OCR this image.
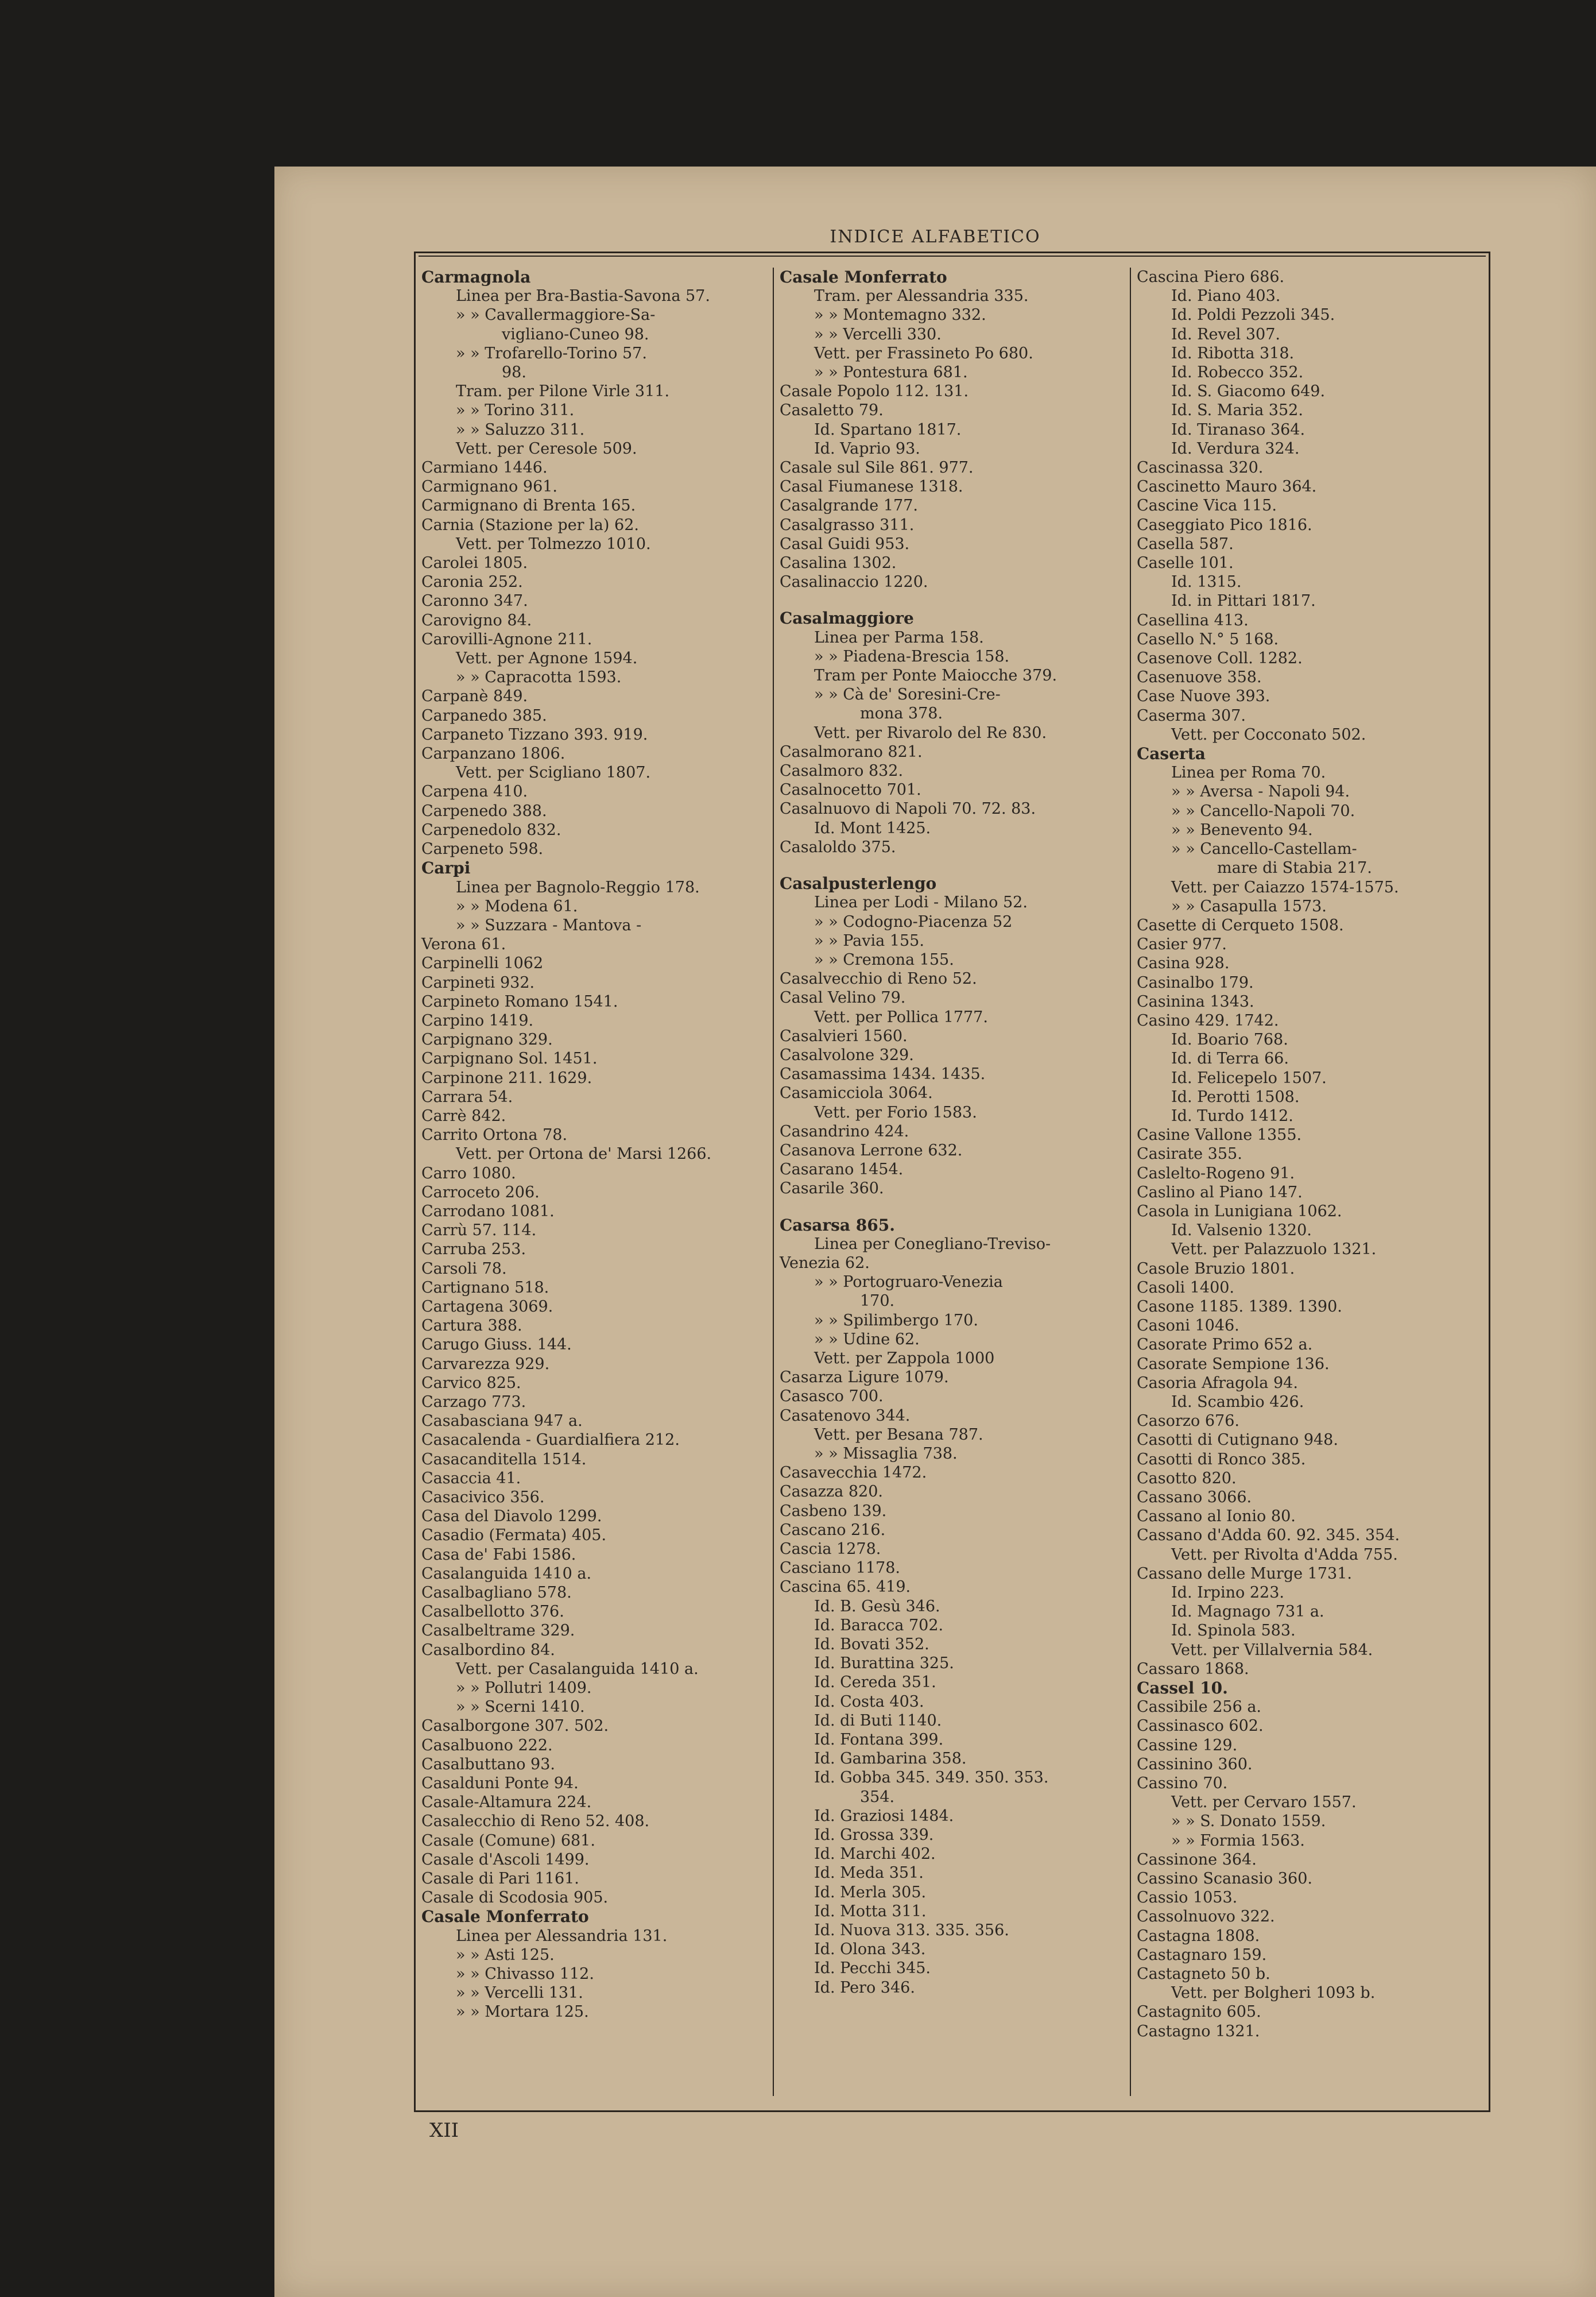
INDICE ALFABETICO
Carmagnola
Linea per Bra-Bastia-Savona 57.
» » Cavallermaggiore-Sa-
vigliano-Cuneo 98.
» » Trofarello-Torino 57.
98.
Tram. per Pilone Virle 311.
» » Torino 311.
» » Saluzzo 311.
Vett. per Ceresole 509.
Carmiano 1446.
Carmignano 961.
Carmignano di Brenta 165.
Carnia (Stazione per la) 62.
Vett. per Tolmezzo 1010.
Carolei 1805.
Caronia 252.
Caronno 347.
Carovigno 84.
Carovilli-Agnone 211.
Vett. per Agnone 1594.
» » Capracotta 1593.
Carpanè 849.
Carpanedo 385.
Carpaneto Tizzano 393. 919.
Carpanzano 1806.
Vett. per Scigliano 1807.
Carpena 410.
Carpenedo 388.
Carpenedolo 832.
Carpeneto 598.
Carpi
Linea per Bagnolo-Reggio 178.
» » Modena 61.
» » Suzzara - Mantova -
Verona 61.
Carpinelli 1062
Carpineti 932.
Carpineto Romano 1541.
Carpino 1419.
Carpignano 329.
Carpignano Sol. 1451.
Carpinone 211. 1629.
Carrara 54.
Carrè 842.
Carrito Ortona 78.
Vett. per Ortona de' Marsi 1266.
Carro 1080.
Carroceto 206.
Carrodano 1081.
Carrù 57. 114.
Carruba 253.
Carsoli 78.
Cartignano 518.
Cartagena 3069.
Cartura 388.
Carugo Giuss. 144.
Carvarezza 929.
Carvico 825.
Carzago 773.
Casabasciana 947 a.
Casacalenda - Guardialfiera 212.
Casacanditella 1514.
Casaccia 41.
Casacivico 356.
Casa del Diavolo 1299.
Casadio (Fermata) 405.
Casa de' Fabi 1586.
Casalanguida 1410 a.
Casalbagliano 578.
Casalbellotto 376.
Casalbeltrame 329.
Casalbordino 84.
Vett. per Casalanguida 1410 a.
» » Pollutri 1409.
» » Scerni 1410.
Casalborgone 307. 502.
Casalbuono 222.
Casalbuttano 93.
Casalduni Ponte 94.
Casale-Altamura 224.
Casalecchio di Reno 52. 408.
Casale (Comune) 681.
Casale d'Ascoli 1499.
Casale di Pari 1161.
Casale di Scodosia 905.
Casale Monferrato
Linea per Alessandria 131.
» » Asti 125.
» » Chivasso 112.
» » Vercelli 131.
» » Mortara 125.
Casale Monferrato
Tram. per Alessandria 335.
» » Montemagno 332.
» » Vercelli 330.
Vett. per Frassineto Po 680.
» » Pontestura 681.
Casale Popolo 112. 131.
Casaletto 79.
Id. Spartano 1817.
Id. Vaprio 93.
Casale sul Sile 861. 977.
Casal Fiumanese 1318.
Casalgrande 177.
Casalgrasso 311.
Casal Guidi 953.
Casalina 1302.
Casalinaccio 1220.
Casalmaggiore
Linea per Parma 158.
» » Piadena-Brescia 158.
Tram per Ponte Maiocche 379.
» » Cà de' Soresini-Cre-
mona 378.
Vett. per Rivarolo del Re 830.
Casalmorano 821.
Casalmoro 832.
Casalnocetto 701.
Casalnuovo di Napoli 70. 72. 83.
Id. Mont 1425.
Casaloldo 375.
Casalpusterlengo
Linea per Lodi - Milano 52.
» » Codogno-Piacenza 52
» » Pavia 155.
» » Cremona 155.
Casalvecchio di Reno 52.
Casal Velino 79.
Vett. per Pollica 1777.
Casalvieri 1560.
Casalvolone 329.
Casamassima 1434. 1435.
Casamicciola 3064.
Vett. per Forio 1583.
Casandrino 424.
Casanova Lerrone 632.
Casarano 1454.
Casarile 360.
Casarsa 865.
Linea per Conegliano-Treviso-
Venezia 62.
» » Portogruaro-Venezia
170.
» » Spilimbergo 170.
» » Udine 62.
Vett. per Zappola 1000
Casarza Ligure 1079.
Casasco 700.
Casatenovo 344.
Vett. per Besana 787.
» » Missaglia 738.
Casavecchia 1472.
Casazza 820.
Casbeno 139.
Cascano 216.
Cascia 1278.
Casciano 1178.
Cascina 65. 419.
Id. B. Gesù 346.
Id. Baracca 702.
Id. Bovati 352.
Id. Burattina 325.
Id. Cereda 351.
Id. Costa 403.
Id. di Buti 1140.
Id. Fontana 399.
Id. Gambarina 358.
Id. Gobba 345. 349. 350. 353.
354.
Id. Graziosi 1484.
Id. Grossa 339.
Id. Marchi 402.
Id. Meda 351.
Id. Merla 305.
Id. Motta 311.
Id. Nuova 313. 335. 356.
Id. Olona 343.
Id. Pecchi 345.
Id. Pero 346.
Cascina Piero 686.
Id. Piano 403.
Id. Poldi Pezzoli 345.
Id. Revel 307.
Id. Ribotta 318.
Id. Robecco 352.
Id. S. Giacomo 649.
Id. S. Maria 352.
Id. Tiranaso 364.
Id. Verdura 324.
Cascinassa 320.
Cascinetto Mauro 364.
Cascine Vica 115.
Caseggiato Pico 1816.
Casella 587.
Caselle 101.
Id. 1315.
Id. in Pittari 1817.
Casellina 413.
Casello N.° 5 168.
Casenove Coll. 1282.
Casenuove 358.
Case Nuove 393.
Caserma 307.
Vett. per Cocconato 502.
Caserta
Linea per Roma 70.
» » Aversa - Napoli 94.
» » Cancello-Napoli 70.
» » Benevento 94.
» » Cancello-Castellam-
mare di Stabia 217.
Vett. per Caiazzo 1574-1575.
» » Casapulla 1573.
Casette di Cerqueto 1508.
Casier 977.
Casina 928.
Casinalbo 179.
Casinina 1343.
Casino 429. 1742.
Id. Boario 768.
Id. di Terra 66.
Id. Felicepelo 1507.
Id. Perotti 1508.
Id. Turdo 1412.
Casine Vallone 1355.
Casirate 355.
Caslelto-Rogeno 91.
Caslino al Piano 147.
Casola in Lunigiana 1062.
Id. Valsenio 1320.
Vett. per Palazzuolo 1321.
Casole Bruzio 1801.
Casoli 1400.
Casone 1185. 1389. 1390.
Casoni 1046.
Casorate Primo 652 a.
Casorate Sempione 136.
Casoria Afragola 94.
Id. Scambio 426.
Casorzo 676.
Casotti di Cutignano 948.
Casotti di Ronco 385.
Casotto 820.
Cassano 3066.
Cassano al Ionio 80.
Cassano d'Adda 60. 92. 345. 354.
Vett. per Rivolta d'Adda 755.
Cassano delle Murge 1731.
Id. Irpino 223.
Id. Magnago 731 a.
Id. Spinola 583.
Vett. per Villalvernia 584.
Cassaro 1868.
Cassel 10.
Cassibile 256 a.
Cassinasco 602.
Cassine 129.
Cassinino 360.
Cassino 70.
Vett. per Cervaro 1557.
» » S. Donato 1559.
» » Formia 1563.
Cassinone 364.
Cassino Scanasio 360.
Cassio 1053.
Cassolnuovo 322.
Castagna 1808.
Castagnaro 159.
Castagneto 50 b.
Vett. per Bolgheri 1093 b.
Castagnito 605.
Castagno 1321.
XII
